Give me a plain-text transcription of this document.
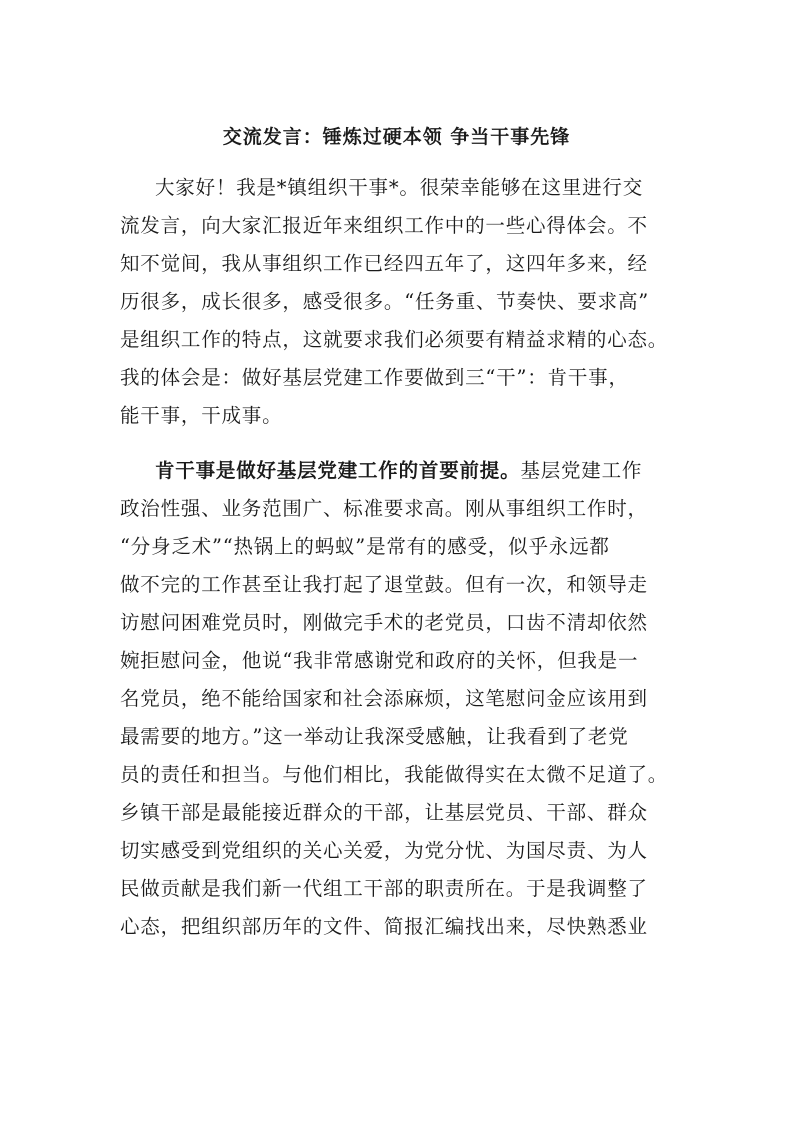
交流发言：锤炼过硬本领 争当干事先锋

大家好！我是*镇组织干事*。很荣幸能够在这里进行交

流发言，向大家汇报近年来组织工作中的一些心得体会。不

知不觉间，我从事组织工作已经四五年了，这四年多来，经

历很多，成长很多，感受很多。“任务重、节奏快、要求高”

是组织工作的特点，这就要求我们必须要有精益求精的心态。

我的体会是：做好基层党建工作要做到三“干”：肯干事，

能干事，干成事。

肯干事是做好基层党建工作的首要前提。基层党建工作

政治性强、业务范围广、标准要求高。刚从事组织工作时，

“分身乏术”“热锅上的蚂蚁”是常有的感受，似乎永远都

做不完的工作甚至让我打起了退堂鼓。但有一次，和领导走

访慰问困难党员时，刚做完手术的老党员，口齿不清却依然

婉拒慰问金，他说“我非常感谢党和政府的关怀，但我是一

名党员，绝不能给国家和社会添麻烦，这笔慰问金应该用到

最需要的地方。”这一举动让我深受感触，让我看到了老党

员的责任和担当。与他们相比，我能做得实在太微不足道了。

乡镇干部是最能接近群众的干部，让基层党员、干部、群众

切实感受到党组织的关心关爱，为党分忧、为国尽责、为人

民做贡献是我们新一代组工干部的职责所在。于是我调整了

心态，把组织部历年的文件、简报汇编找出来，尽快熟悉业
